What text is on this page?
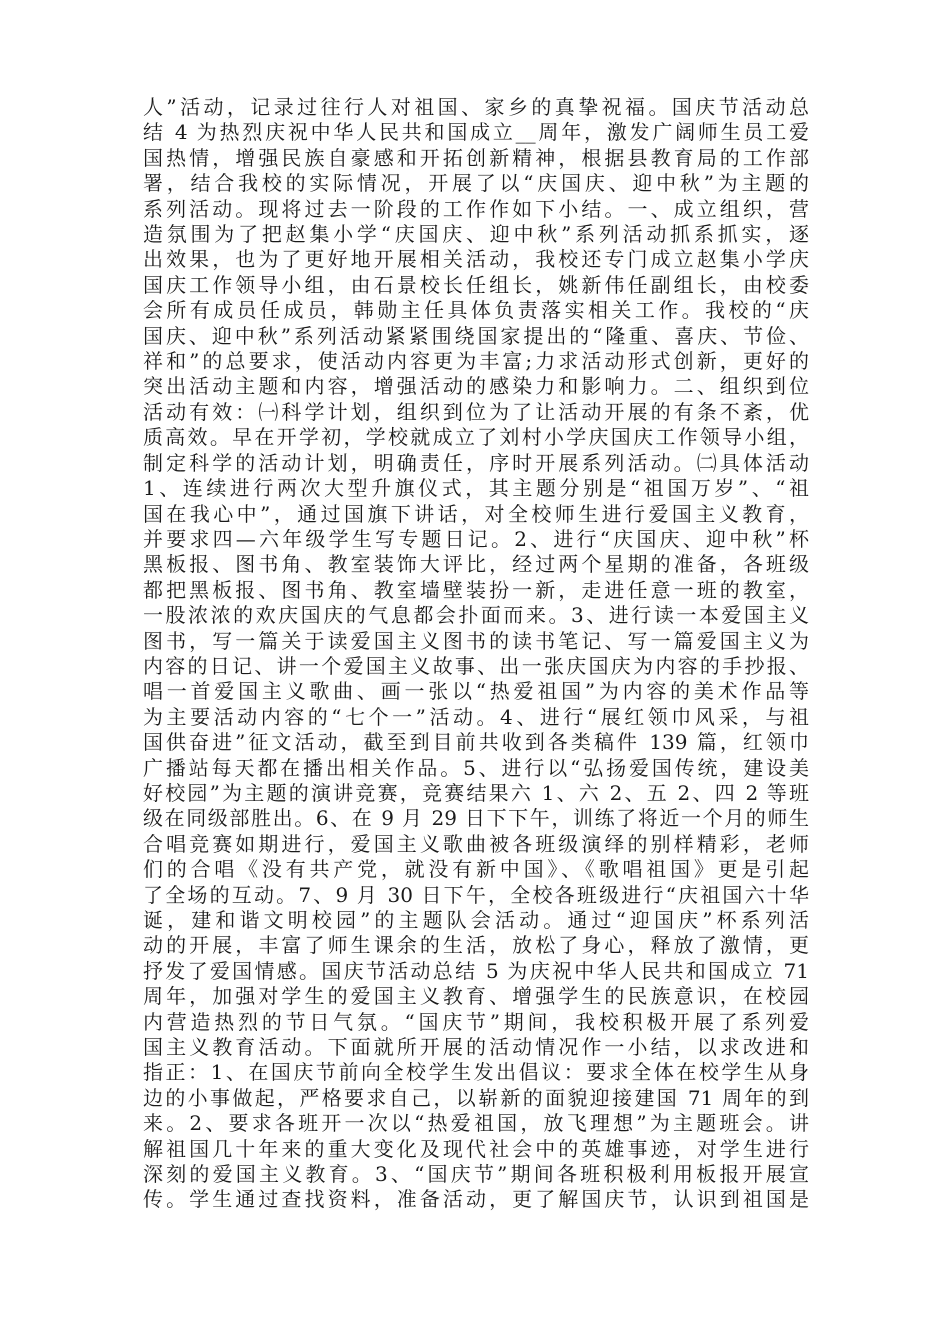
人”活动，记录过往行人对祖国、家乡的真挚祝福。国庆节活动总
结 4 为热烈庆祝中华人民共和国成立__周年，激发广阔师生员工爱
国热情，增强民族自豪感和开拓创新精神，根据县教育局的工作部
署，结合我校的实际情况，开展了以“庆国庆、迎中秋”为主题的
系列活动。现将过去一阶段的工作作如下小结。一、成立组织，营
造氛围为了把赵集小学“庆国庆、迎中秋”系列活动抓系抓实，逐
出效果，也为了更好地开展相关活动，我校还专门成立赵集小学庆
国庆工作领导小组，由石景校长任组长，姚新伟任副组长，由校委
会所有成员任成员，韩勋主任具体负责落实相关工作。我校的“庆
国庆、迎中秋”系列活动紧紧围绕国家提出的“隆重、喜庆、节俭、
祥和”的总要求，使活动内容更为丰富;力求活动形式创新，更好的
突出活动主题和内容，增强活动的感染力和影响力。二、组织到位
活动有效：㈠科学计划，组织到位为了让活动开展的有条不紊，优
质高效。早在开学初，学校就成立了刘村小学庆国庆工作领导小组，
制定科学的活动计划，明确责任，序时开展系列活动。㈡具体活动
1、连续进行两次大型升旗仪式，其主题分别是“祖国万岁”、“祖
国在我心中”，通过国旗下讲话，对全校师生进行爱国主义教育，
并要求四—六年级学生写专题日记。2、进行“庆国庆、迎中秋”杯
黑板报、图书角、教室装饰大评比，经过两个星期的准备，各班级
都把黑板报、图书角、教室墙壁装扮一新，走进任意一班的教室，
一股浓浓的欢庆国庆的气息都会扑面而来。3、进行读一本爱国主义
图书，写一篇关于读爱国主义图书的读书笔记、写一篇爱国主义为
内容的日记、讲一个爱国主义故事、出一张庆国庆为内容的手抄报、
唱一首爱国主义歌曲、画一张以“热爱祖国”为内容的美术作品等
为主要活动内容的“七个一”活动。4、进行“展红领巾风采，与祖
国供奋进”征文活动，截至到目前共收到各类稿件 139 篇，红领巾
广播站每天都在播出相关作品。5、进行以“弘扬爱国传统，建设美
好校园”为主题的演讲竞赛，竞赛结果六 1、六 2、五 2、四 2 等班
级在同级部胜出。6、在 9 月 29 日下下午，训练了将近一个月的师生
合唱竞赛如期进行，爱国主义歌曲被各班级演绎的别样精彩，老师
们的合唱《没有共产党，就没有新中国》、《歌唱祖国》更是引起
了全场的互动。7、9 月 30 日下午，全校各班级进行“庆祖国六十华
诞，建和谐文明校园”的主题队会活动。通过“迎国庆”杯系列活
动的开展，丰富了师生课余的生活，放松了身心，释放了激情，更
抒发了爱国情感。国庆节活动总结 5 为庆祝中华人民共和国成立 71
周年，加强对学生的爱国主义教育、增强学生的民族意识，在校园
内营造热烈的节日气氛。“国庆节”期间，我校积极开展了系列爱
国主义教育活动。下面就所开展的活动情况作一小结，以求改进和
指正：1、在国庆节前向全校学生发出倡议：要求全体在校学生从身
边的小事做起，严格要求自己，以崭新的面貌迎接建国 71 周年的到
来。2、要求各班开一次以“热爱祖国，放飞理想”为主题班会。讲
解祖国几十年来的重大变化及现代社会中的英雄事迹，对学生进行
深刻的爱国主义教育。3、“国庆节”期间各班积极利用板报开展宣
传。学生通过查找资料，准备活动，更了解国庆节，认识到祖国是
